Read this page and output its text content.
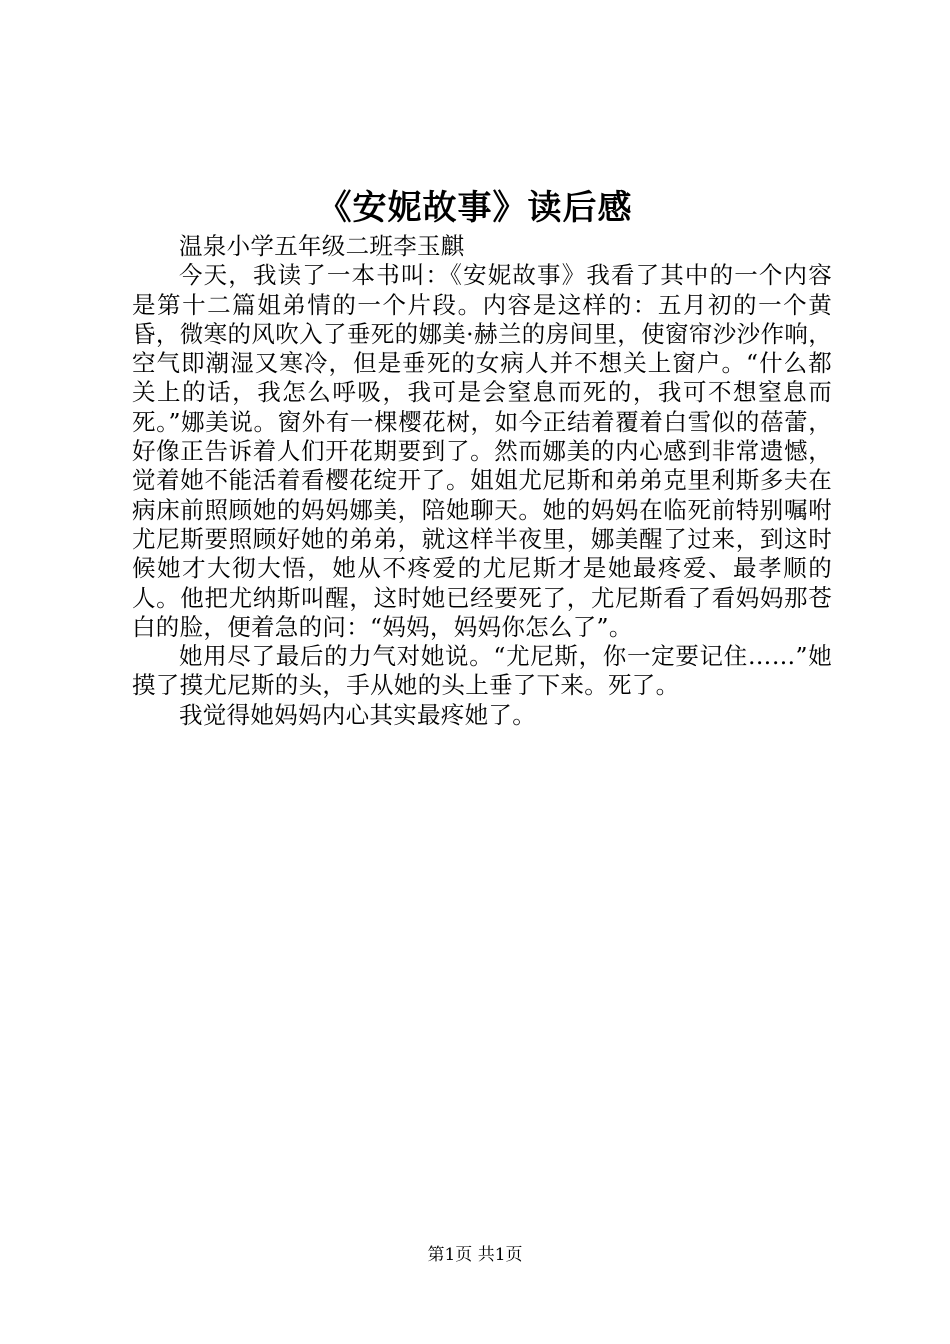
《安妮故事》读后感

温泉小学五年级二班李玉麒

今天，我读了一本书叫：《安妮故事》我看了其中的一个内容是第十二篇姐弟情的一个片段。内容是这样的：五月初的一个黄昏，微寒的风吹入了垂死的娜美·赫兰的房间里，使窗帘沙沙作响，空气即潮湿又寒冷，但是垂死的女病人并不想关上窗户。“什么都关上的话，我怎么呼吸，我可是会窒息而死的，我可不想窒息而死。”娜美说。窗外有一棵樱花树，如今正结着覆着白雪似的蓓蕾，好像正告诉着人们开花期要到了。然而娜美的内心感到非常遗憾，觉着她不能活着看樱花绽开了。姐姐尤尼斯和弟弟克里利斯多夫在病床前照顾她的妈妈娜美，陪她聊天。她的妈妈在临死前特别嘱咐尤尼斯要照顾好她的弟弟，就这样半夜里，娜美醒了过来，到这时候她才大彻大悟，她从不疼爱的尤尼斯才是她最疼爱、最孝顺的人。他把尤纳斯叫醒，这时她已经要死了，尤尼斯看了看妈妈那苍白的脸，便着急的问：“妈妈，妈妈你怎么了”。

她用尽了最后的力气对她说。“尤尼斯，你一定要记住……”她摸了摸尤尼斯的头，手从她的头上垂了下来。死了。

我觉得她妈妈内心其实最疼她了。

第1页 共1页
